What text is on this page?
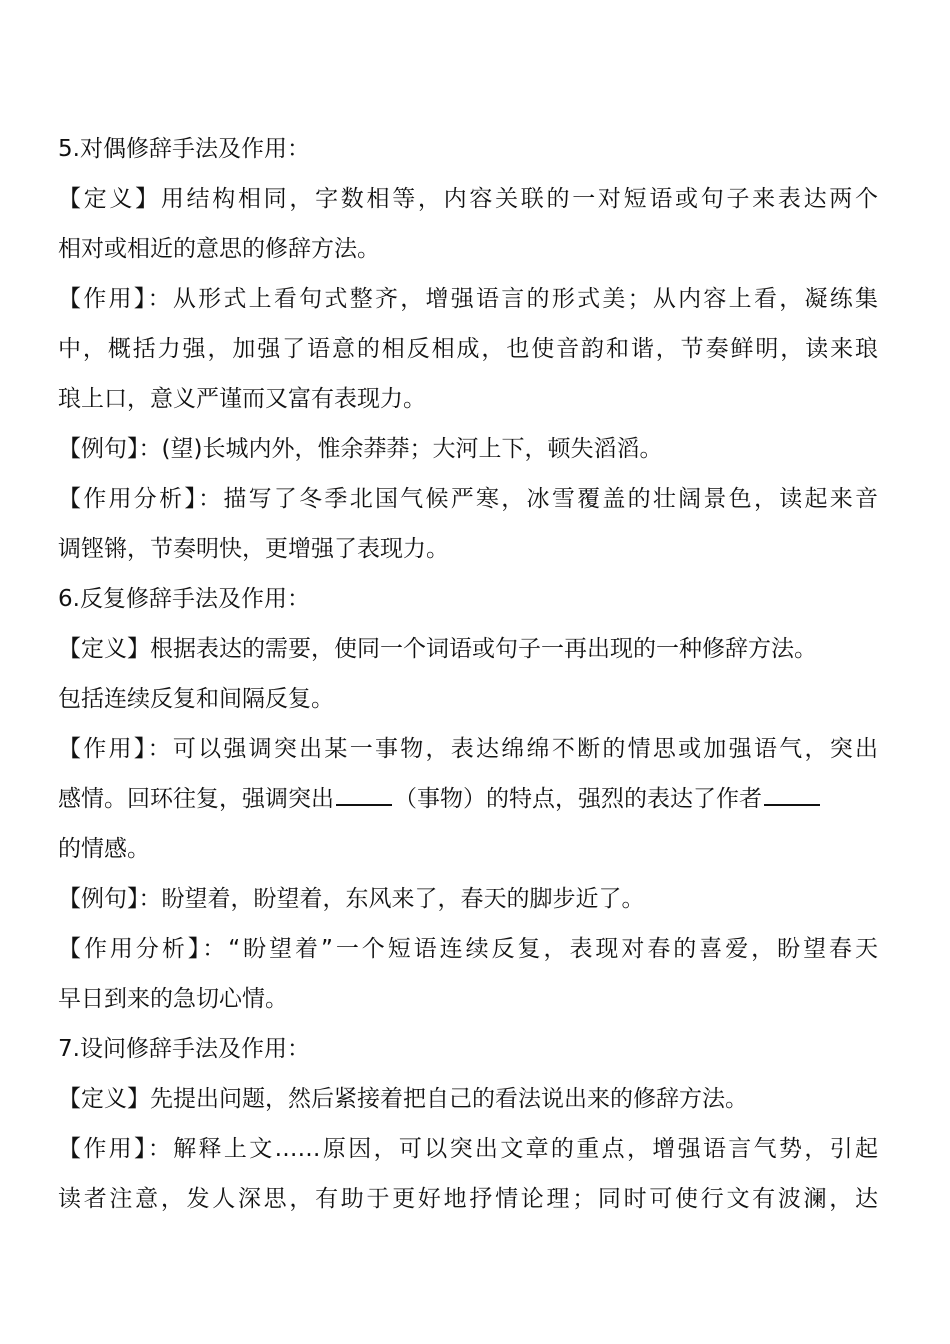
5.对偶修辞手法及作用：
【定义】用结构相同，字数相等，内容关联的一对短语或句子来表达两个
相对或相近的意思的修辞方法。
【作用】：从形式上看句式整齐，增强语言的形式美；从内容上看，凝练集
中，概括力强，加强了语意的相反相成，也使音韵和谐，节奏鲜明，读来琅
琅上口，意义严谨而又富有表现力。
【例句】：(望)长城内外，惟余莽莽；大河上下，顿失滔滔。
【作用分析】：描写了冬季北国气候严寒，冰雪覆盖的壮阔景色，读起来音
调铿锵，节奏明快，更增强了表现力。
6.反复修辞手法及作用：
【定义】根据表达的需要，使同一个词语或句子一再出现的一种修辞方法。
包括连续反复和间隔反复。
【作用】：可以强调突出某一事物，表达绵绵不断的情思或加强语气，突出
感情。回环往复，强调突出	（事物）的特点，强烈的表达了作者
的情感。
【例句】：盼望着，盼望着，东风来了，春天的脚步近了。
【作用分析】：“盼望着”一个短语连续反复，表现对春的喜爱，盼望春天
早日到来的急切心情。
7.设问修辞手法及作用：
【定义】先提出问题，然后紧接着把自己的看法说出来的修辞方法。
【作用】：解释上文……原因，可以突出文章的重点，增强语言气势，引起
读者注意，发人深思，有助于更好地抒情论理；同时可使行文有波澜，达
